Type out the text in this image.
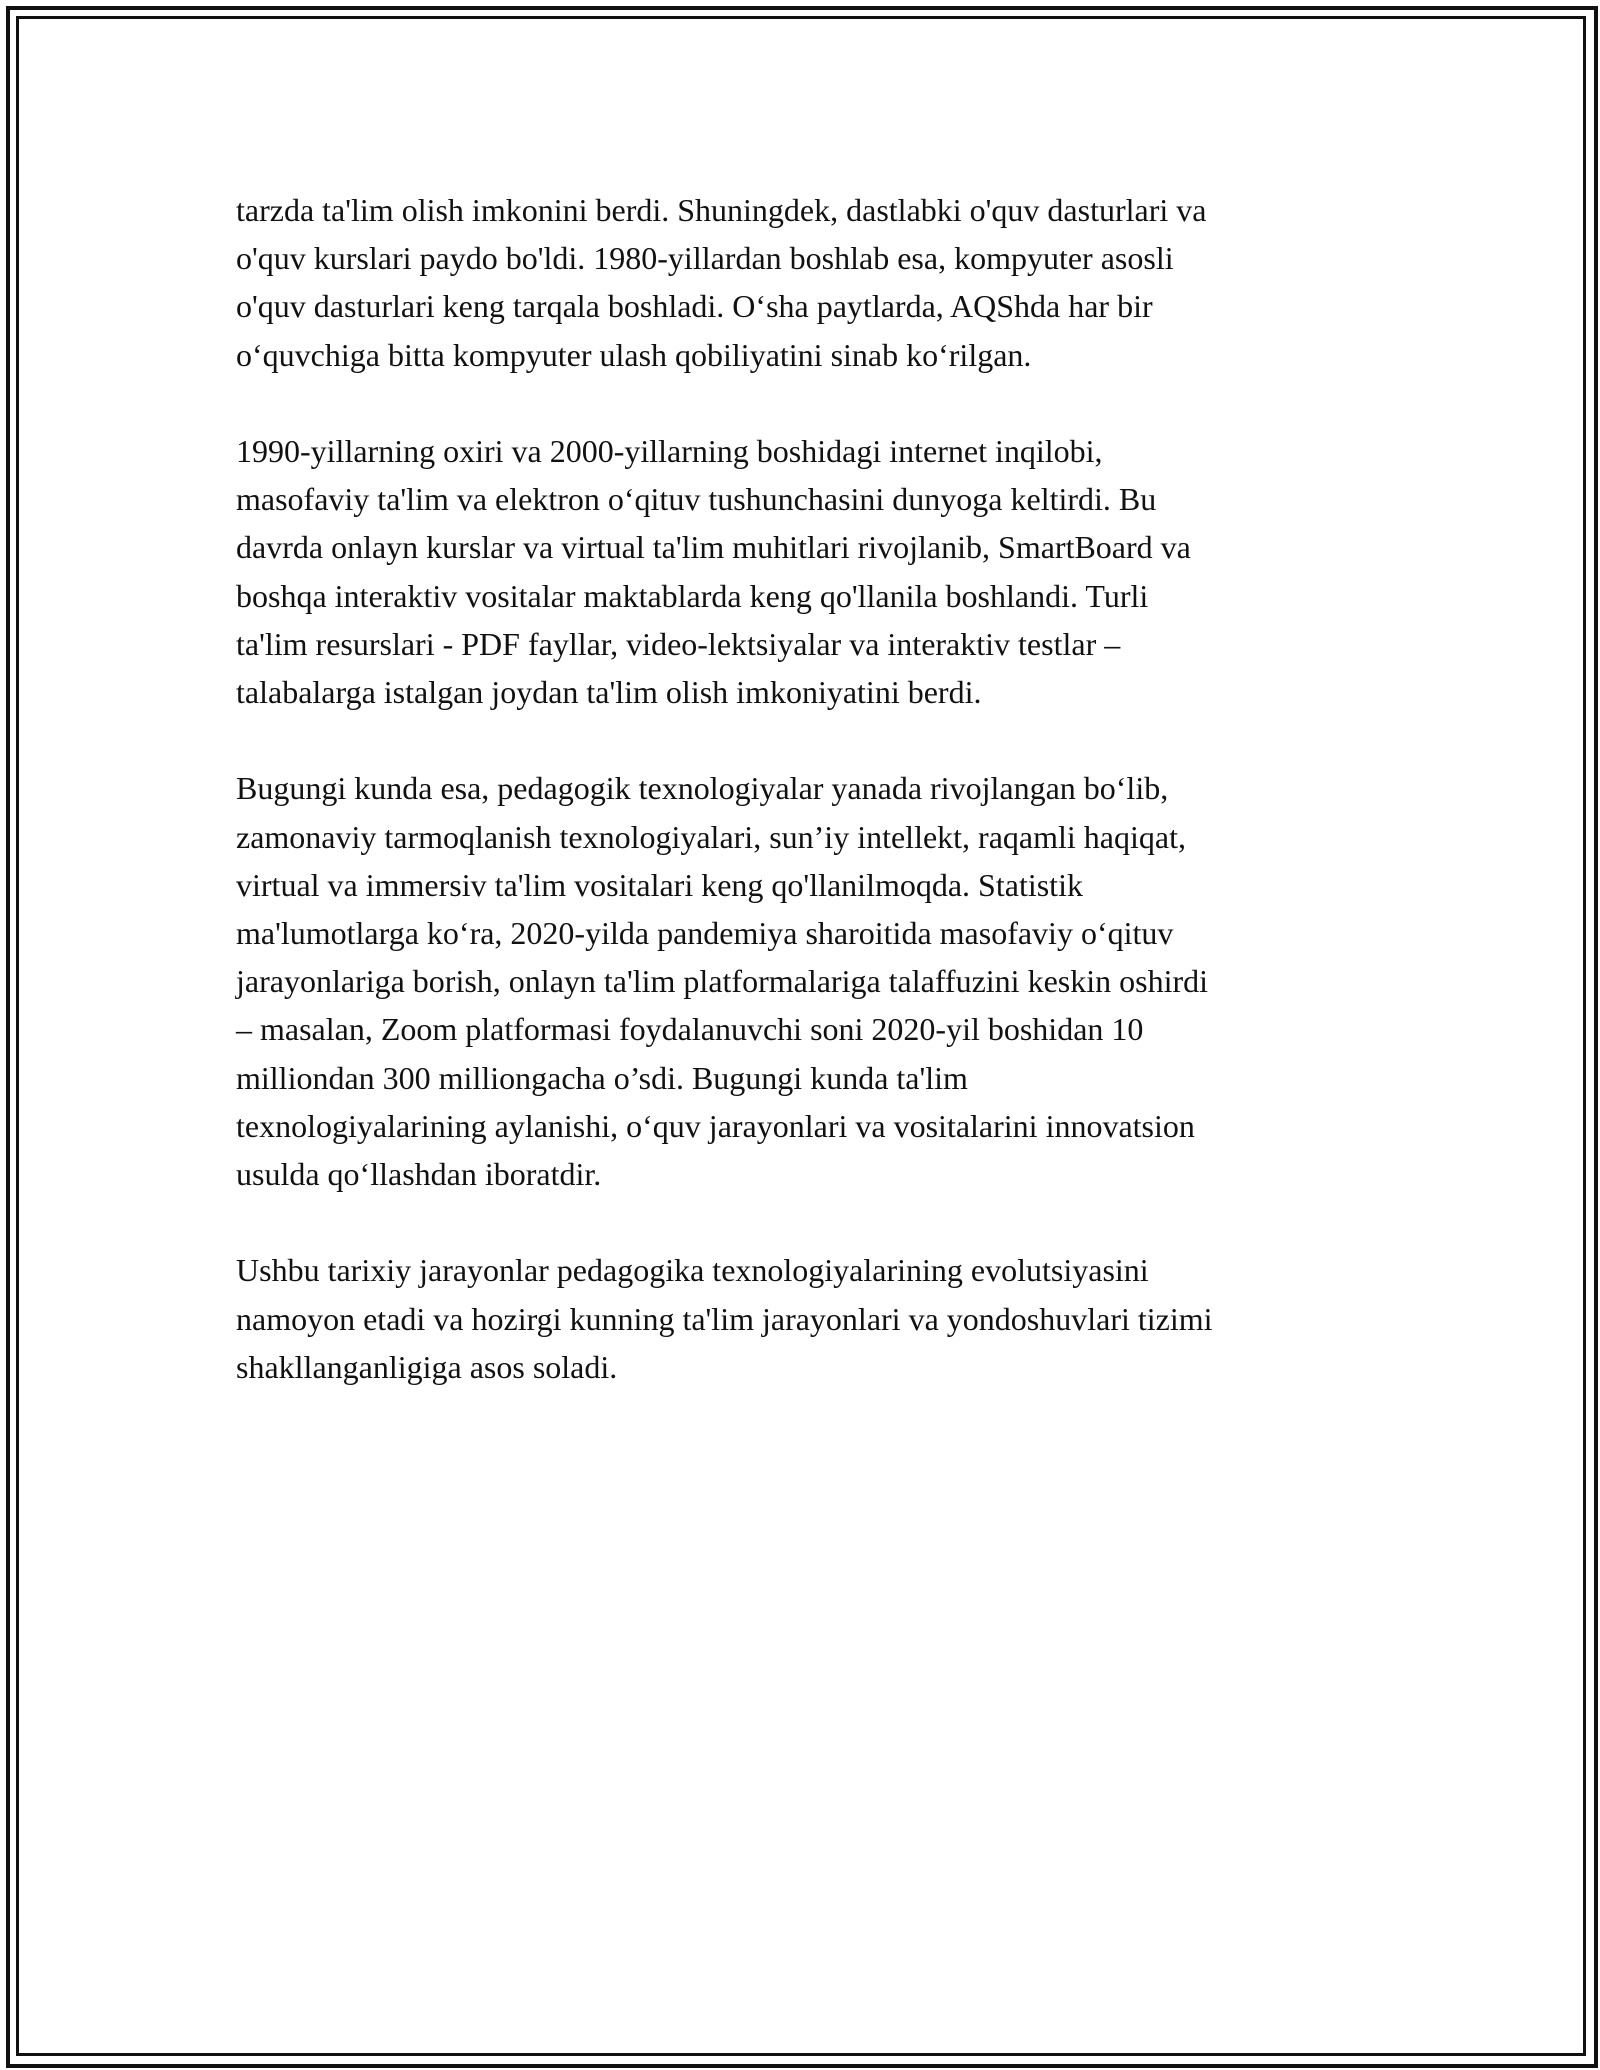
tarzda ta'lim olish imkonini berdi. Shuningdek, dastlabki o'quv dasturlari va
o'quv kurslari paydo bo'ldi. 1980-yillardan boshlab esa, kompyuter asosli
o'quv dasturlari keng tarqala boshladi. O‘sha paytlarda, AQShda har bir
o‘quvchiga bitta kompyuter ulash qobiliyatini sinab ko‘rilgan.
1990-yillarning oxiri va 2000-yillarning boshidagi internet inqilobi,
masofaviy ta'lim va elektron o‘qituv tushunchasini dunyoga keltirdi. Bu
davrda onlayn kurslar va virtual ta'lim muhitlari rivojlanib, SmartBoard va
boshqa interaktiv vositalar maktablarda keng qo'llanila boshlandi. Turli
ta'lim resurslari - PDF fayllar, video-lektsiyalar va interaktiv testlar –
talabalarga istalgan joydan ta'lim olish imkoniyatini berdi.
Bugungi kunda esa, pedagogik texnologiyalar yanada rivojlangan bo‘lib,
zamonaviy tarmoqlanish texnologiyalari, sun’iy intellekt, raqamli haqiqat,
virtual va immersiv ta'lim vositalari keng qo'llanilmoqda. Statistik
ma'lumotlarga ko‘ra, 2020-yilda pandemiya sharoitida masofaviy o‘qituv
jarayonlariga borish, onlayn ta'lim platformalariga talaffuzini keskin oshirdi
– masalan, Zoom platformasi foydalanuvchi soni 2020-yil boshidan 10
milliondan 300 milliongacha o’sdi. Bugungi kunda ta'lim
texnologiyalarining aylanishi, o‘quv jarayonlari va vositalarini innovatsion
usulda qo‘llashdan iboratdir.
Ushbu tarixiy jarayonlar pedagogika texnologiyalarining evolutsiyasini
namoyon etadi va hozirgi kunning ta'lim jarayonlari va yondoshuvlari tizimi
shakllanganligiga asos soladi.
